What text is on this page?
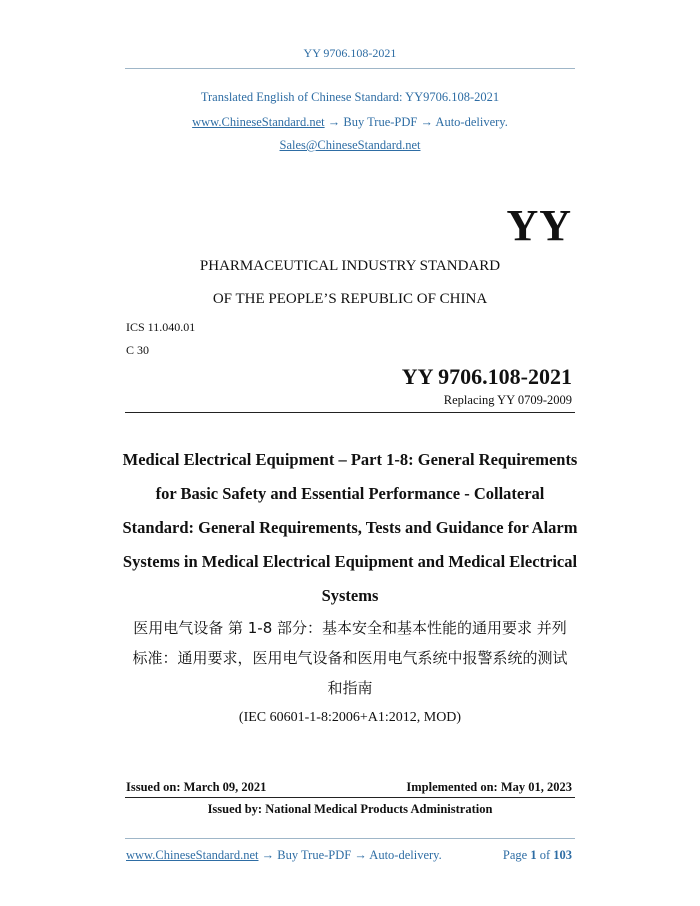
YY 9706.108-2021
Translated English of Chinese Standard: YY9706.108-2021
www.ChineseStandard.net → Buy True-PDF → Auto-delivery.
Sales@ChineseStandard.net
YY
PHARMACEUTICAL INDUSTRY STANDARD
OF THE PEOPLE’S REPUBLIC OF CHINA
ICS 11.040.01
C 30
YY 9706.108-2021
Replacing YY 0709-2009
Medical Electrical Equipment – Part 1-8: General Requirements
for Basic Safety and Essential Performance - Collateral
Standard: General Requirements, Tests and Guidance for Alarm
Systems in Medical Electrical Equipment and Medical Electrical
Systems
医用电气设备 第 1-8 部分：基本安全和基本性能的通用要求 并列
标准：通用要求，医用电气设备和医用电气系统中报警系统的测试
和指南
(IEC 60601-1-8:2006+A1:2012, MOD)
Issued on: March 09, 2021	Implemented on: May 01, 2023
Issued by: National Medical Products Administration
www.ChineseStandard.net → Buy True-PDF → Auto-delivery.	Page 1 of 103
